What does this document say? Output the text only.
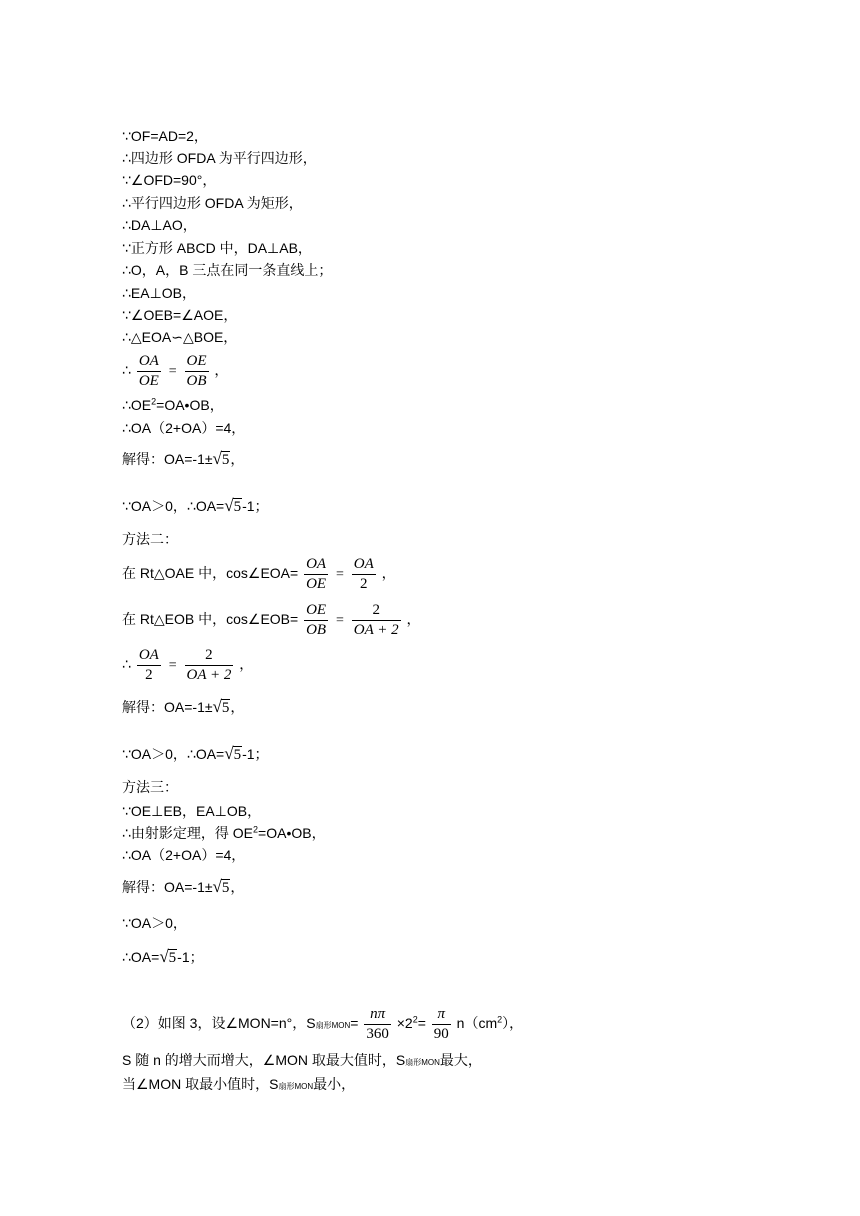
∵OF=AD=2，
∴四边形 OFDA 为平行四边形，
∵∠OFD=90°，
∴平行四边形 OFDA 为矩形，
∴DA⊥AO，
∵正方形 ABCD 中，DA⊥AB，
∴O，A，B 三点在同一条直线上；
∴EA⊥OB，
∵∠OEB=∠AOE，
∴△EOA∽△BOE，
∴ $\frac{OA}{OE} = \frac{OE}{OB}$ ，
$\therefore OE^2=OA•OB$，
∴OA（2+OA）=4，
解得：OA=-1±√5，
∵OA＞0，∴OA=√5-1；
方法二：
在 Rt△OAE 中，cos∠EOA= $\frac{OA}{OE} = \frac{OA}{2}$ ，
在 Rt△EOB 中，cos∠EOB= $\frac{OE}{OB} = \frac{2}{OA + 2}$ ，
∴ $\frac{OA}{2} = \frac{2}{OA + 2}$ ，
解得：OA=-1±√5，
∵OA＞0，∴OA=√5-1；
方法三：
∵OE⊥EB，EA⊥OB，
∴由射影定理，得 $OE^2=OA•OB$，
∴OA（2+OA）=4，
解得：OA=-1±√5，
∵OA＞0，
∴OA=√5-1；
（2）如图 3，设∠MON=n°，S扇形$MON= \frac{n\pi}{360} \times 2^2= \frac{\pi}{90} n(cm^2)$，
S 随 n 的增大而增大，∠MON 取最大值时，S扇形MON最大，
当∠MON 取最小值时，S扇形MON最小，
